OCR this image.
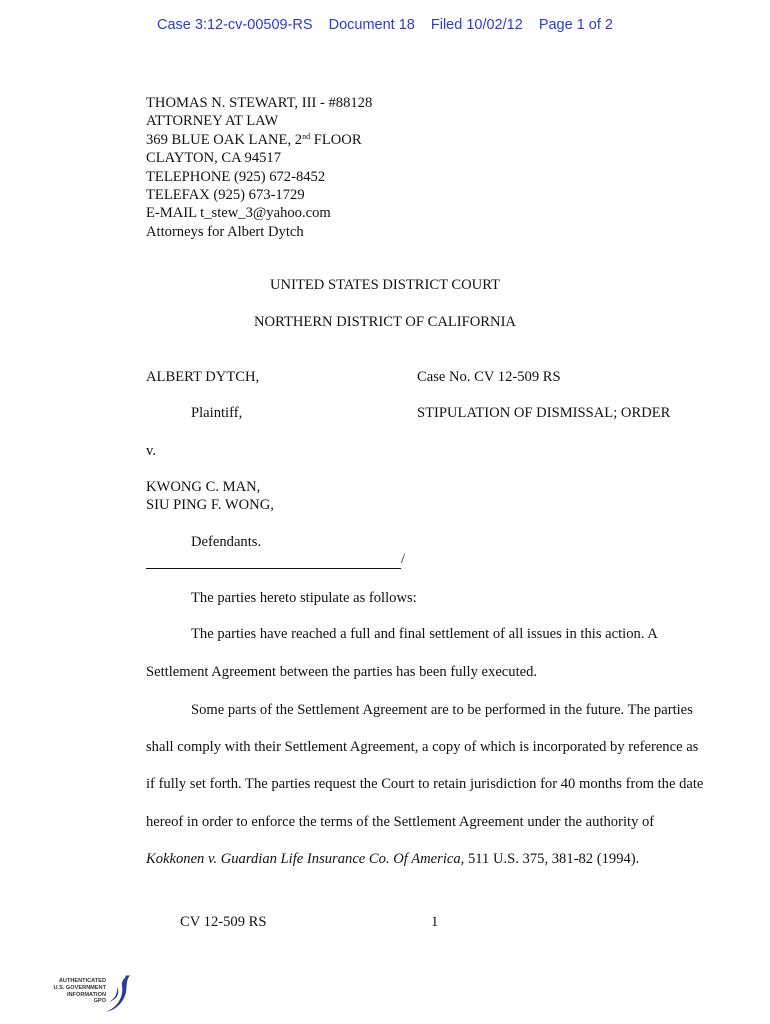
Case 3:12-cv-00509-RS Document 18 Filed 10/02/12 Page 1 of 2
THOMAS N. STEWART, III - #88128
ATTORNEY AT LAW
369 BLUE OAK LANE, 2nd FLOOR
CLAYTON, CA 94517
TELEPHONE (925) 672-8452
TELEFAX (925) 673-1729
E-MAIL t_stew_3@yahoo.com
Attorneys for Albert Dytch
UNITED STATES DISTRICT COURT
NORTHERN DISTRICT OF CALIFORNIA
ALBERT DYTCH,
Plaintiff,
v.
KWONG C. MAN,
SIU PING F. WONG,
Defendants.
/
Case No. CV 12-509 RS
STIPULATION OF DISMISSAL; ORDER
The parties hereto stipulate as follows:
The parties have reached a full and final settlement of all issues in this action. A
Settlement Agreement between the parties has been fully executed.
Some parts of the Settlement Agreement are to be performed in the future. The parties
shall comply with their Settlement Agreement, a copy of which is incorporated by reference as
if fully set forth. The parties request the Court to retain jurisdiction for 40 months from the date
hereof in order to enforce the terms of the Settlement Agreement under the authority of
Kokkonen v. Guardian Life Insurance Co. Of America, 511 U.S. 375, 381-82 (1994).
CV 12-509 RS	1
AUTHENTICATED
U.S. GOVERNMENT
INFORMATION
GPO
